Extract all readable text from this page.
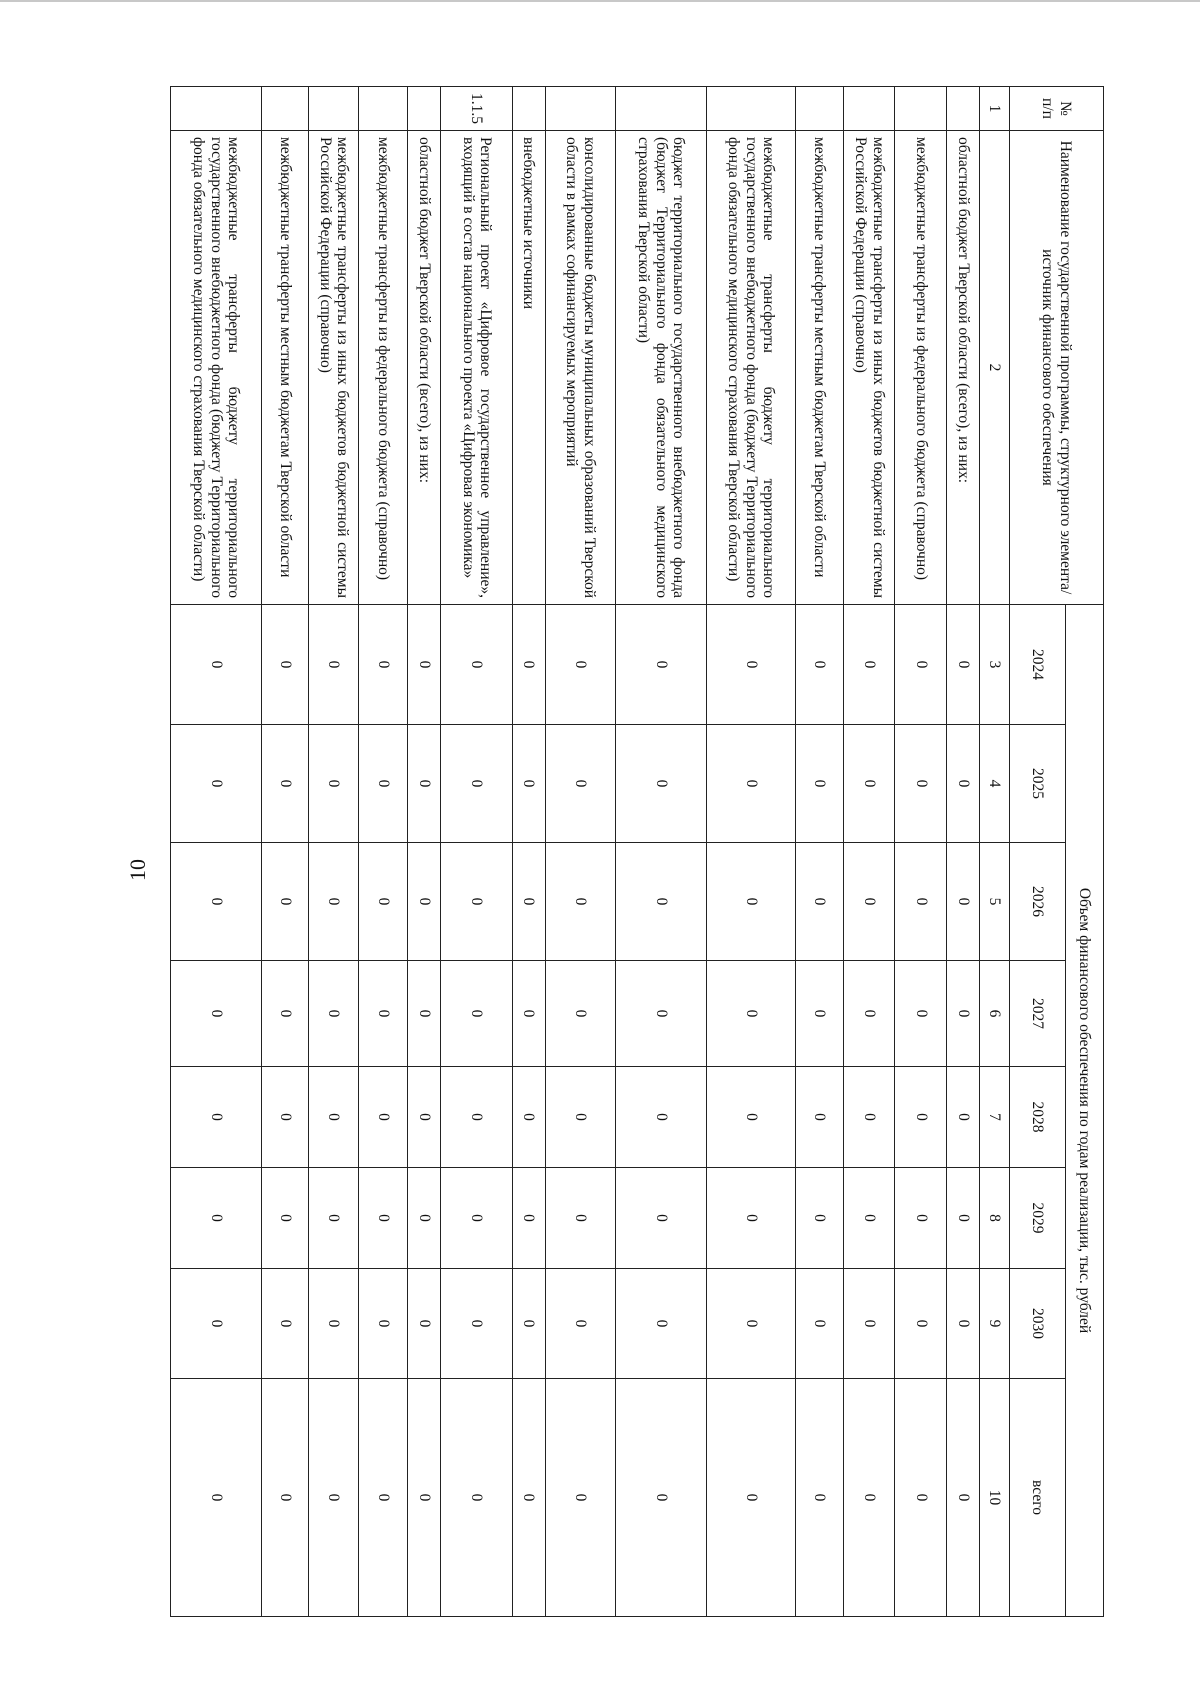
10
№ п/п	Наименование государственной программы, структурного элемента/источник финансового обеспечения	Объем финансового обеспечения по годам реализации, тыс. рублей							
		2024	2025	2026	2027	2028	2029	2030	всего
1	2	3	4	5	6	7	8	9	10
	областной бюджет Тверской области (всего), из них:	0	0	0	0	0	0	0	0
	межбюджетные трансферты из федерального бюджета (справочно)	0	0	0	0	0	0	0	0
	межбюджетные трансферты из иных бюджетов бюджетной системы Российской Федерации (справочно)	0	0	0	0	0	0	0	0
	межбюджетные трансферты местным бюджетам Тверской области	0	0	0	0	0	0	0	0
	межбюджетные трансферты бюджету территориального государственного внебюджетного фонда (бюджету Территориального фонда обязательного медицинского страхования Тверской области)	0	0	0	0	0	0	0	0
	бюджет территориального государственного внебюджетного фонда (бюджет Территориального фонда обязательного медицинского страхования Тверской области)	0	0	0	0	0	0	0	0
	консолидированные бюджеты муниципальных образований Тверской области в рамках софинансируемых мероприятий	0	0	0	0	0	0	0	0
	внебюджетные источники	0	0	0	0	0	0	0	0
1.1.5	Региональный проект «Цифровое государственное управление», входящий в состав национального проекта «Цифровая экономика»	0	0	0	0	0	0	0	0
	областной бюджет Тверской области (всего), из них:	0	0	0	0	0	0	0	0
	межбюджетные трансферты из федерального бюджета (справочно)	0	0	0	0	0	0	0	0
	межбюджетные трансферты из иных бюджетов бюджетной системы Российской Федерации (справочно)	0	0	0	0	0	0	0	0
	межбюджетные трансферты местным бюджетам Тверской области	0	0	0	0	0	0	0	0
	межбюджетные трансферты бюджету территориального государственного внебюджетного фонда (бюджету Территориального фонда обязательного медицинского страхования Тверской области)	0	0	0	0	0	0	0	0
